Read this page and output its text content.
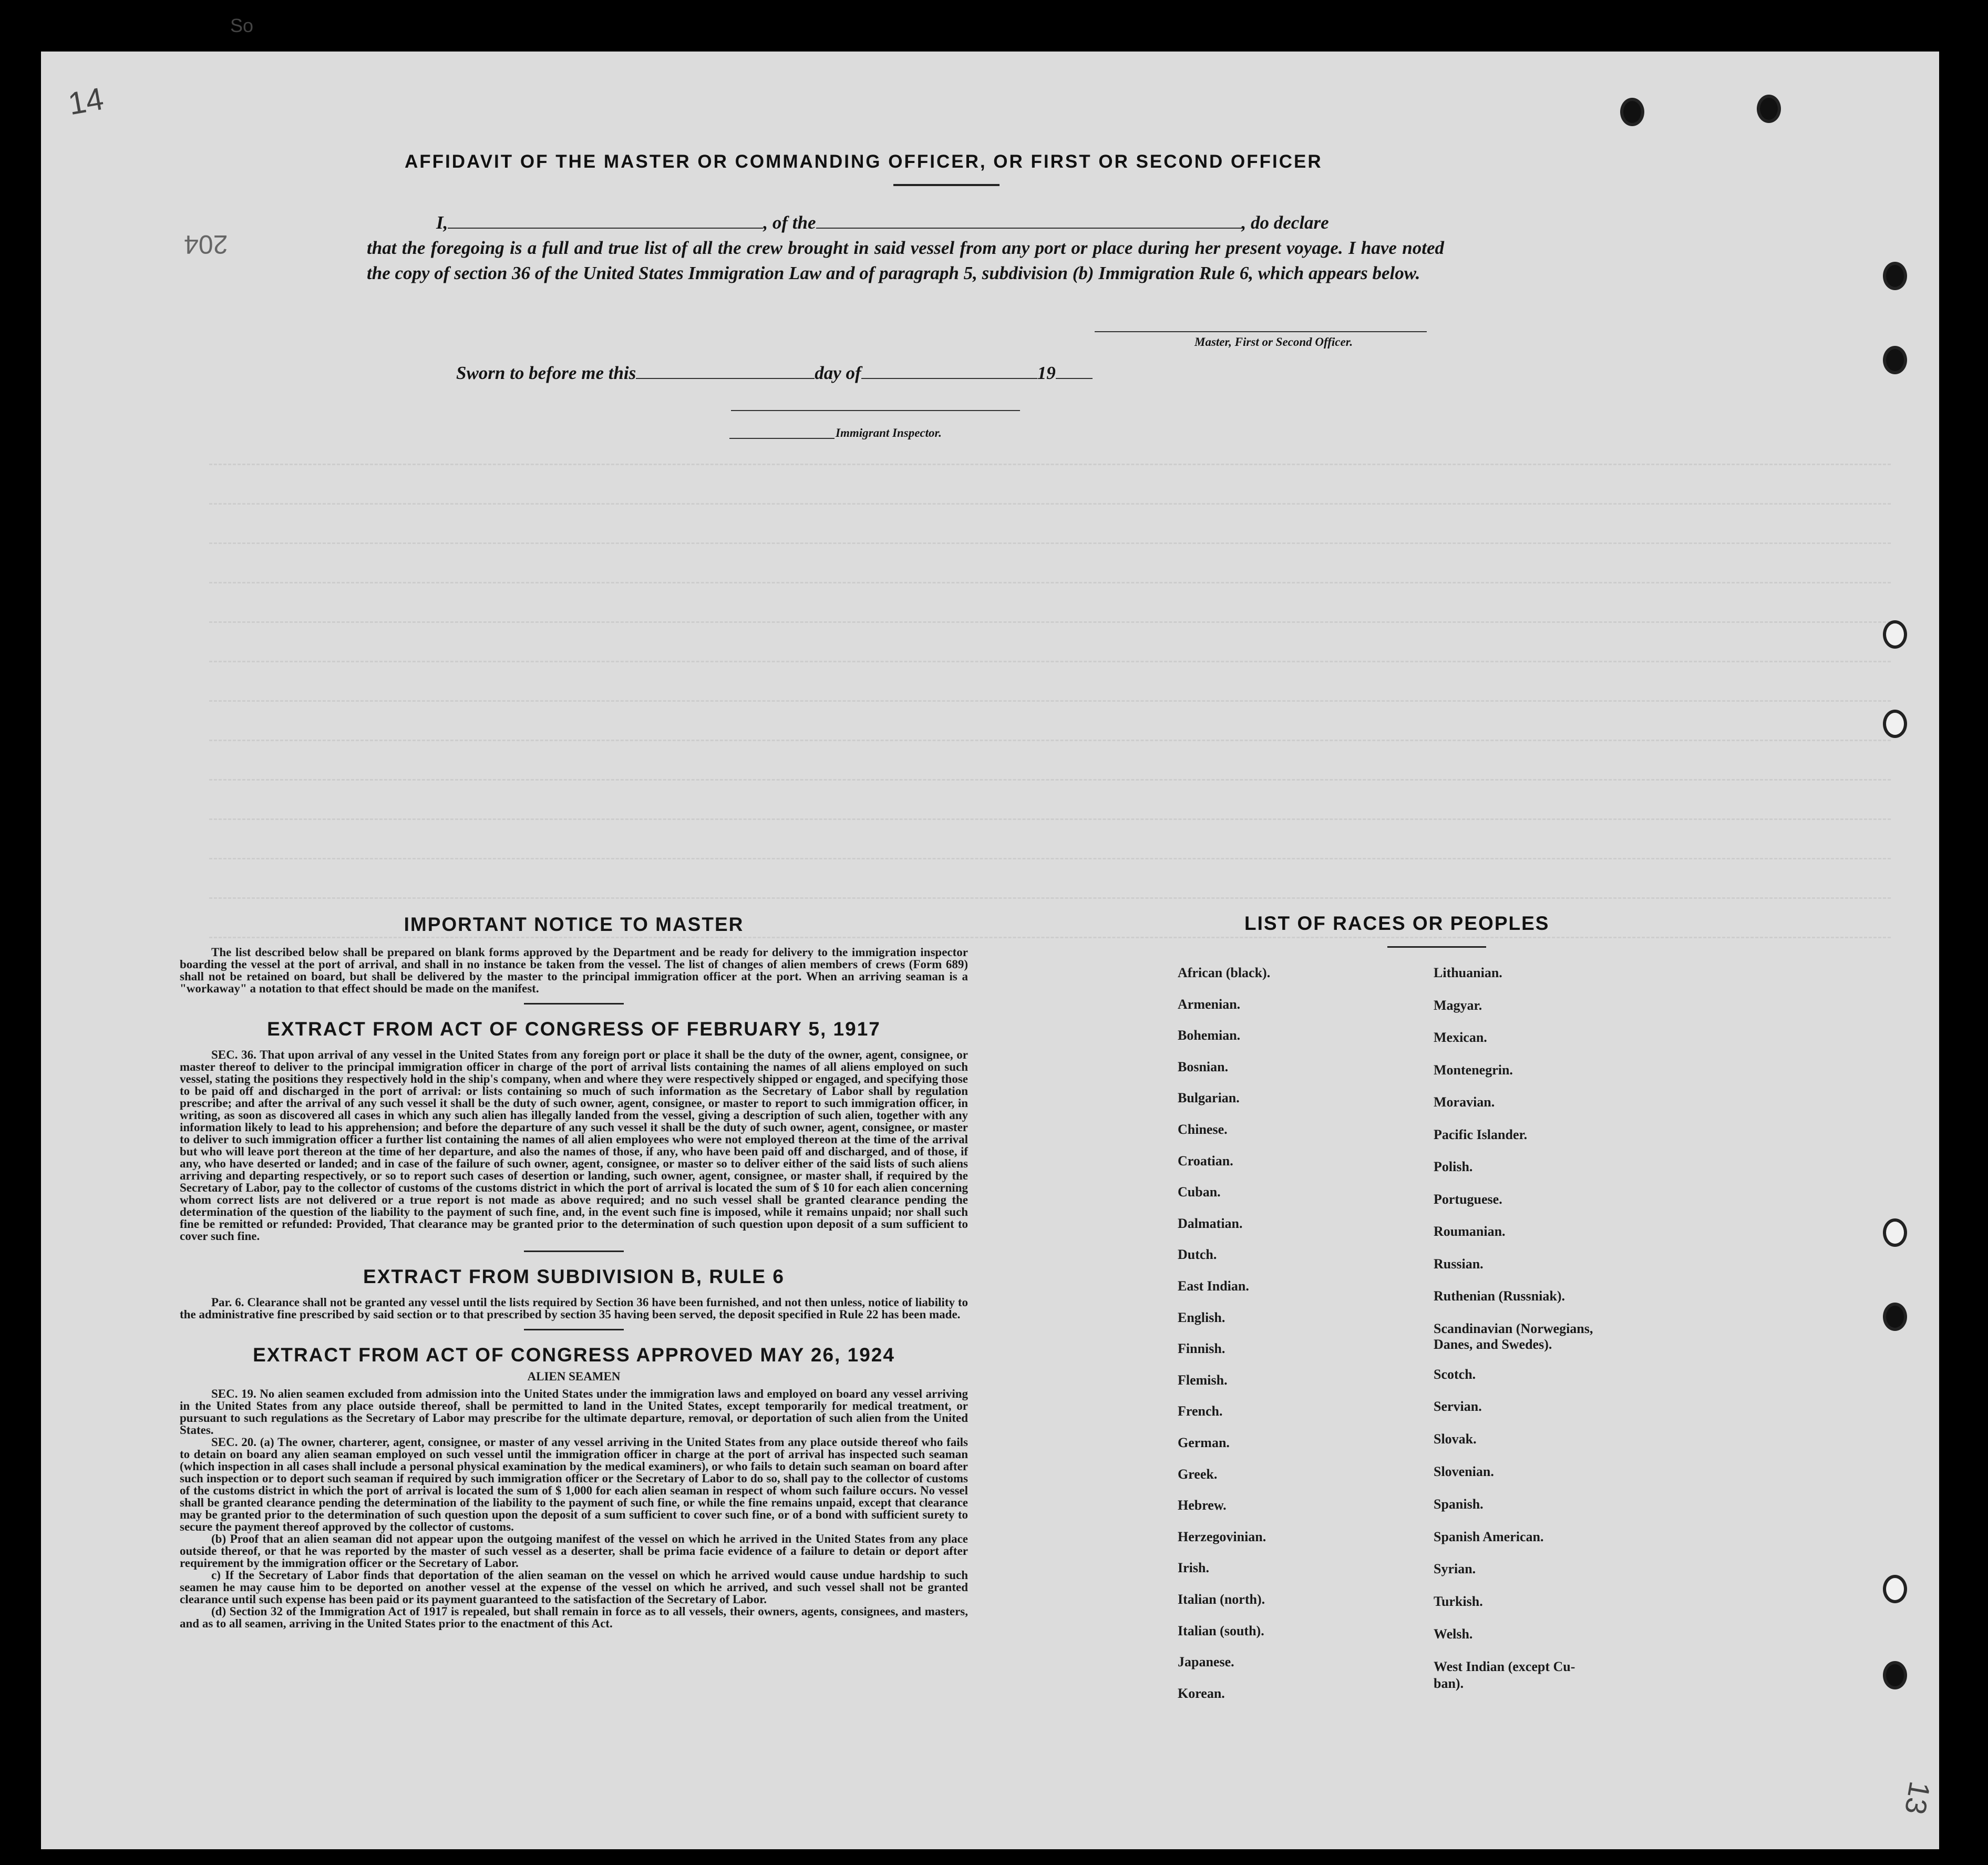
14
So
204
13
AFFIDAVIT OF THE MASTER OR COMMANDING OFFICER, OR FIRST OR SECOND OFFICER
I,	, of the	, do declare
that the foregoing is a full and true list of all the crew brought in said vessel from any port or place during her present voyage. I have noted the copy of section 36 of the United States Immigration Law and of paragraph 5, subdivision (b) Immigration Rule 6, which appears below.
Master, First or Second Officer.
Sworn to before me this	day of	19
Immigrant Inspector.

IMPORTANT NOTICE TO MASTER

The list described below shall be prepared on blank forms approved by the Department and be ready for delivery to the immigration inspector boarding the vessel at the port of arrival, and shall in no instance be taken from the vessel. The list of changes of alien members of crews (Form 689) shall not be retained on board, but shall be delivered by the master to the principal immigration officer at the port. When an arriving seaman is a "workaway" a notation to that effect should be made on the manifest.

EXTRACT FROM ACT OF CONGRESS OF FEBRUARY 5, 1917

SEC. 36. That upon arrival of any vessel in the United States from any foreign port or place it shall be the duty of the owner, agent, consignee, or master thereof to deliver to the principal immigration officer in charge of the port of arrival lists containing the names of all aliens employed on such vessel, stating the positions they respectively hold in the ship's company, when and where they were respectively shipped or engaged, and specifying those to be paid off and discharged in the port of arrival: or lists containing so much of such information as the Secretary of Labor shall by regulation prescribe; and after the arrival of any such vessel it shall be the duty of such owner, agent, consignee, or master to report to such immigration officer, in writing, as soon as discovered all cases in which any such alien has illegally landed from the vessel, giving a description of such alien, together with any information likely to lead to his apprehension; and before the departure of any such vessel it shall be the duty of such owner, agent, consignee, or master to deliver to such immigration officer a further list containing the names of all alien employees who were not employed thereon at the time of the arrival but who will leave port thereon at the time of her departure, and also the names of those, if any, who have been paid off and discharged, and of those, if any, who have deserted or landed; and in case of the failure of such owner, agent, consignee, or master so to deliver either of the said lists of such aliens arriving and departing respectively, or so to report such cases of desertion or landing, such owner, agent, consignee, or master shall, if required by the Secretary of Labor, pay to the collector of customs of the customs district in which the port of arrival is located the sum of $ 10 for each alien concerning whom correct lists are not delivered or a true report is not made as above required; and no such vessel shall be granted clearance pending the determination of the question of the liability to the payment of such fine, and, in the event such fine is imposed, while it remains unpaid; nor shall such fine be remitted or refunded: Provided, That clearance may be granted prior to the determination of such question upon deposit of a sum sufficient to cover such fine.

EXTRACT FROM SUBDIVISION B, RULE 6

Par. 6. Clearance shall not be granted any vessel until the lists required by Section 36 have been furnished, and not then unless, notice of liability to the administrative fine prescribed by said section or to that prescribed by section 35 having been served, the deposit specified in Rule 22 has been made.

EXTRACT FROM ACT OF CONGRESS APPROVED MAY 26, 1924

ALIEN SEAMEN

SEC. 19. No alien seamen excluded from admission into the United States under the immigration laws and employed on board any vessel arriving in the United States from any place outside thereof, shall be permitted to land in the United States, except temporarily for medical treatment, or pursuant to such regulations as the Secretary of Labor may prescribe for the ultimate departure, removal, or deportation of such alien from the United States.

SEC. 20. (a) The owner, charterer, agent, consignee, or master of any vessel arriving in the United States from any place outside thereof who fails to detain on board any alien seaman employed on such vessel until the immigration officer in charge at the port of arrival has inspected such seaman (which inspection in all cases shall include a personal physical examination by the medical examiners), or who fails to detain such seaman on board after such inspection or to deport such seaman if required by such immigration officer or the Secretary of Labor to do so, shall pay to the collector of customs of the customs district in which the port of arrival is located the sum of $ 1,000 for each alien seaman in respect of whom such failure occurs. No vessel shall be granted clearance pending the determination of the liability to the payment of such fine, or while the fine remains unpaid, except that clearance may be granted prior to the determination of such question upon the deposit of a sum sufficient to cover such fine, or of a bond with sufficient surety to secure the payment thereof approved by the collector of customs.

(b) Proof that an alien seaman did not appear upon the outgoing manifest of the vessel on which he arrived in the United States from any place outside thereof, or that he was reported by the master of such vessel as a deserter, shall be prima facie evidence of a failure to detain or deport after requirement by the immigration officer or the Secretary of Labor.

c) If the Secretary of Labor finds that deportation of the alien seaman on the vessel on which he arrived would cause undue hardship to such seamen he may cause him to be deported on another vessel at the expense of the vessel on which he arrived, and such vessel shall not be granted clearance until such expense has been paid or its payment guaranteed to the satisfaction of the Secretary of Labor.

(d) Section 32 of the Immigration Act of 1917 is repealed, but shall remain in force as to all vessels, their owners, agents, consignees, and masters, and as to all seamen, arriving in the United States prior to the enactment of this Act.

LIST OF RACES OR PEOPLES
African (black).
Armenian.
Bohemian.
Bosnian.
Bulgarian.
Chinese.
Croatian.
Cuban.
Dalmatian.
Dutch.
East Indian.
English.
Finnish.
Flemish.
French.
German.
Greek.
Hebrew.
Herzegovinian.
Irish.
Italian (north).
Italian (south).
Japanese.
Korean.
Lithuanian.
Magyar.
Mexican.
Montenegrin.
Moravian.
Pacific Islander.
Polish.
Portuguese.
Roumanian.
Russian.
Ruthenian (Russniak).
Scandinavian (Norwegians,
Danes, and Swedes).
Scotch.
Servian.
Slovak.
Slovenian.
Spanish.
Spanish American.
Syrian.
Turkish.
Welsh.
West Indian (except Cu-
ban).
